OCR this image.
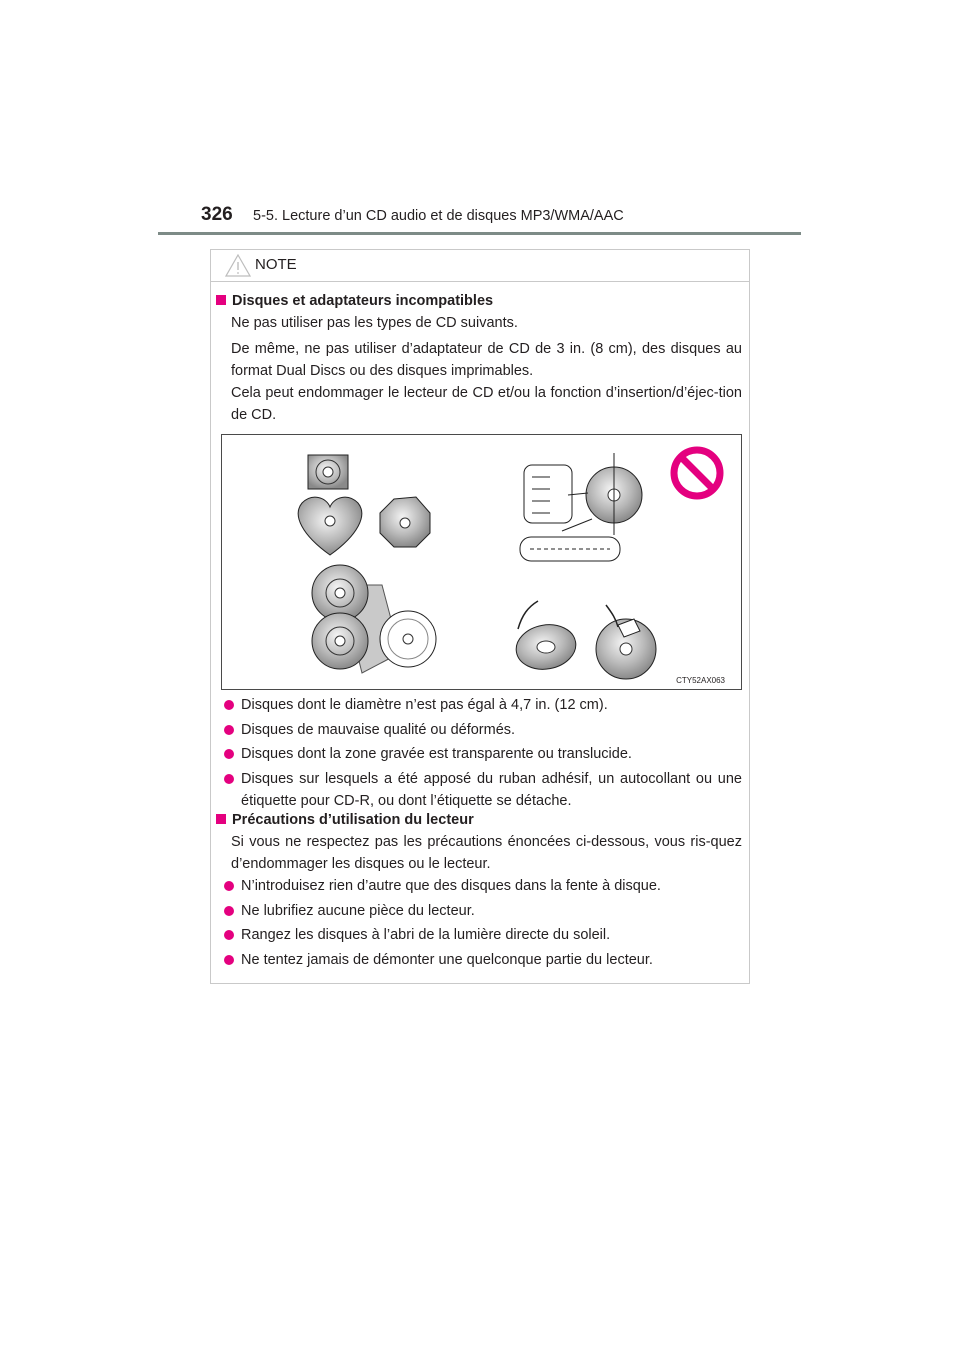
326 5-5. Lecture d’un CD audio et de disques MP3/WMA/AAC
NOTE
Disques et adaptateurs incompatibles
Ne pas utiliser pas les types de CD suivants.
De même, ne pas utiliser d’adaptateur de CD de 3 in. (8 cm), des disques au format Dual Discs ou des disques imprimables.
Cela peut endommager le lecteur de CD et/ou la fonction d’insertion/d’éjec-tion de CD.
CTY52AX063
Disques dont le diamètre n’est pas égal à 4,7 in. (12 cm).
Disques de mauvaise qualité ou déformés.
Disques dont la zone gravée est transparente ou translucide.
Disques sur lesquels a été apposé du ruban adhésif, un autocollant ou une étiquette pour CD-R, ou dont l’étiquette se détache.
Précautions d’utilisation du lecteur
Si vous ne respectez pas les précautions énoncées ci-dessous, vous ris-quez d’endommager les disques ou le lecteur.
N’introduisez rien d’autre que des disques dans la fente à disque.
Ne lubrifiez aucune pièce du lecteur.
Rangez les disques à l’abri de la lumière directe du soleil.
Ne tentez jamais de démonter une quelconque partie du lecteur.
